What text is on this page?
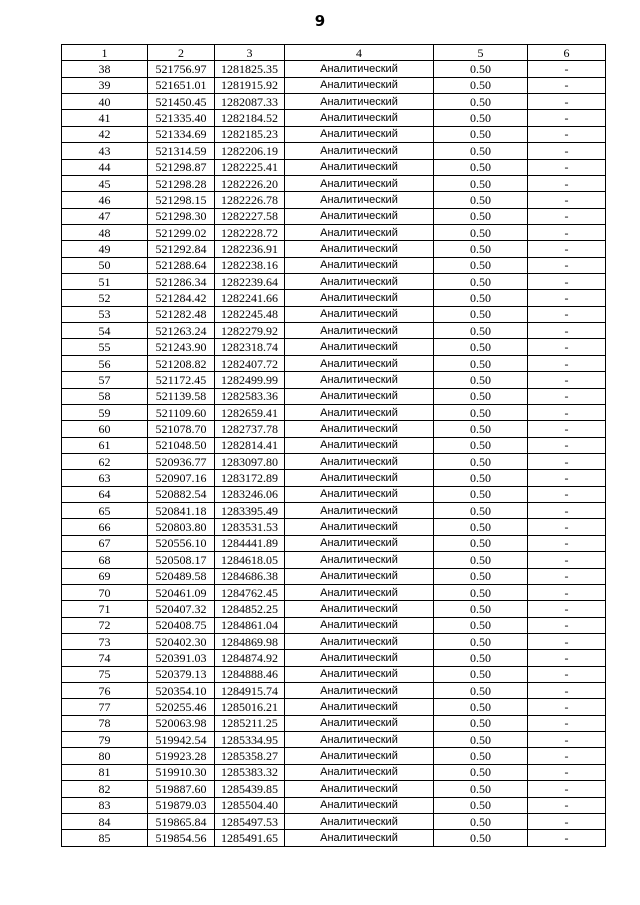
9
1	2	3	4	5	6
38	521756.97	1281825.35	Аналитический	0.50	-
39	521651.01	1281915.92	Аналитический	0.50	-
40	521450.45	1282087.33	Аналитический	0.50	-
41	521335.40	1282184.52	Аналитический	0.50	-
42	521334.69	1282185.23	Аналитический	0.50	-
43	521314.59	1282206.19	Аналитический	0.50	-
44	521298.87	1282225.41	Аналитический	0.50	-
45	521298.28	1282226.20	Аналитический	0.50	-
46	521298.15	1282226.78	Аналитический	0.50	-
47	521298.30	1282227.58	Аналитический	0.50	-
48	521299.02	1282228.72	Аналитический	0.50	-
49	521292.84	1282236.91	Аналитический	0.50	-
50	521288.64	1282238.16	Аналитический	0.50	-
51	521286.34	1282239.64	Аналитический	0.50	-
52	521284.42	1282241.66	Аналитический	0.50	-
53	521282.48	1282245.48	Аналитический	0.50	-
54	521263.24	1282279.92	Аналитический	0.50	-
55	521243.90	1282318.74	Аналитический	0.50	-
56	521208.82	1282407.72	Аналитический	0.50	-
57	521172.45	1282499.99	Аналитический	0.50	-
58	521139.58	1282583.36	Аналитический	0.50	-
59	521109.60	1282659.41	Аналитический	0.50	-
60	521078.70	1282737.78	Аналитический	0.50	-
61	521048.50	1282814.41	Аналитический	0.50	-
62	520936.77	1283097.80	Аналитический	0.50	-
63	520907.16	1283172.89	Аналитический	0.50	-
64	520882.54	1283246.06	Аналитический	0.50	-
65	520841.18	1283395.49	Аналитический	0.50	-
66	520803.80	1283531.53	Аналитический	0.50	-
67	520556.10	1284441.89	Аналитический	0.50	-
68	520508.17	1284618.05	Аналитический	0.50	-
69	520489.58	1284686.38	Аналитический	0.50	-
70	520461.09	1284762.45	Аналитический	0.50	-
71	520407.32	1284852.25	Аналитический	0.50	-
72	520408.75	1284861.04	Аналитический	0.50	-
73	520402.30	1284869.98	Аналитический	0.50	-
74	520391.03	1284874.92	Аналитический	0.50	-
75	520379.13	1284888.46	Аналитический	0.50	-
76	520354.10	1284915.74	Аналитический	0.50	-
77	520255.46	1285016.21	Аналитический	0.50	-
78	520063.98	1285211.25	Аналитический	0.50	-
79	519942.54	1285334.95	Аналитический	0.50	-
80	519923.28	1285358.27	Аналитический	0.50	-
81	519910.30	1285383.32	Аналитический	0.50	-
82	519887.60	1285439.85	Аналитический	0.50	-
83	519879.03	1285504.40	Аналитический	0.50	-
84	519865.84	1285497.53	Аналитический	0.50	-
85	519854.56	1285491.65	Аналитический	0.50	-
